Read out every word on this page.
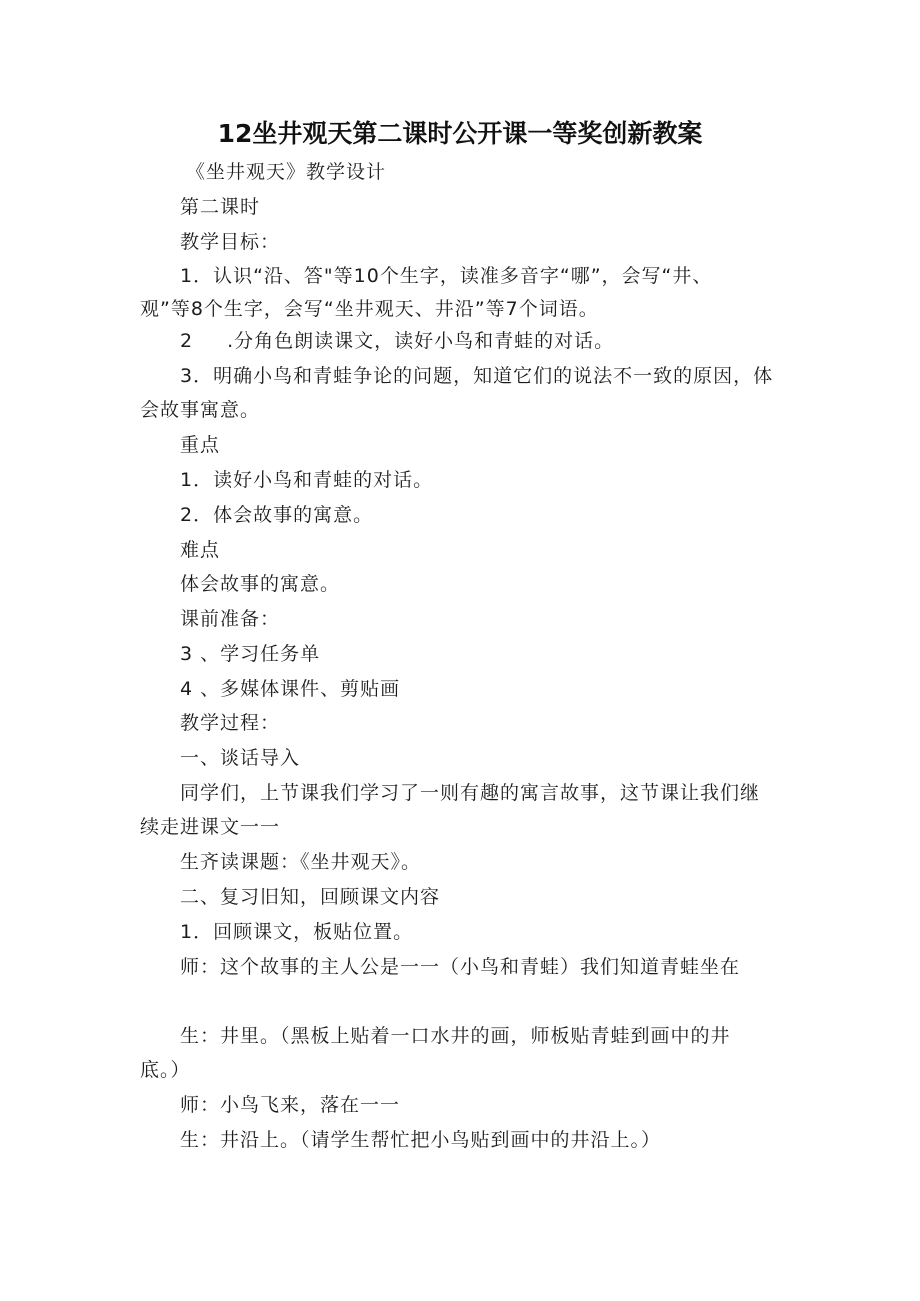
12坐井观天第二课时公开课一等奖创新教案
《坐井观天》教学设计
第二课时
教学目标：
1．认识“沿、答"等10个生字，读准多音字“哪”，会写“井、
观”等8个生字，会写“坐井观天、井沿”等7个词语。
2 .分角色朗读课文，读好小鸟和青蛙的对话。
3．明确小鸟和青蛙争论的问题，知道它们的说法不一致的原因，体
会故事寓意。
重点
1．读好小鸟和青蛙的对话。
2．体会故事的寓意。
难点
体会故事的寓意。
课前准备：
3 、学习任务单
4 、多媒体课件、剪贴画
教学过程：
一、谈话导入
同学们，上节课我们学习了一则有趣的寓言故事，这节课让我们继
续走进课文一一
生齐读课题：《坐井观天》。
二、复习旧知，回顾课文内容
1．回顾课文，板贴位置。
师：这个故事的主人公是一一（小鸟和青蛙）我们知道青蛙坐在
生：井里。（黑板上贴着一口水井的画，师板贴青蛙到画中的井
底。）
师：小鸟飞来，落在一一
生：井沿上。（请学生帮忙把小鸟贴到画中的井沿上。）
